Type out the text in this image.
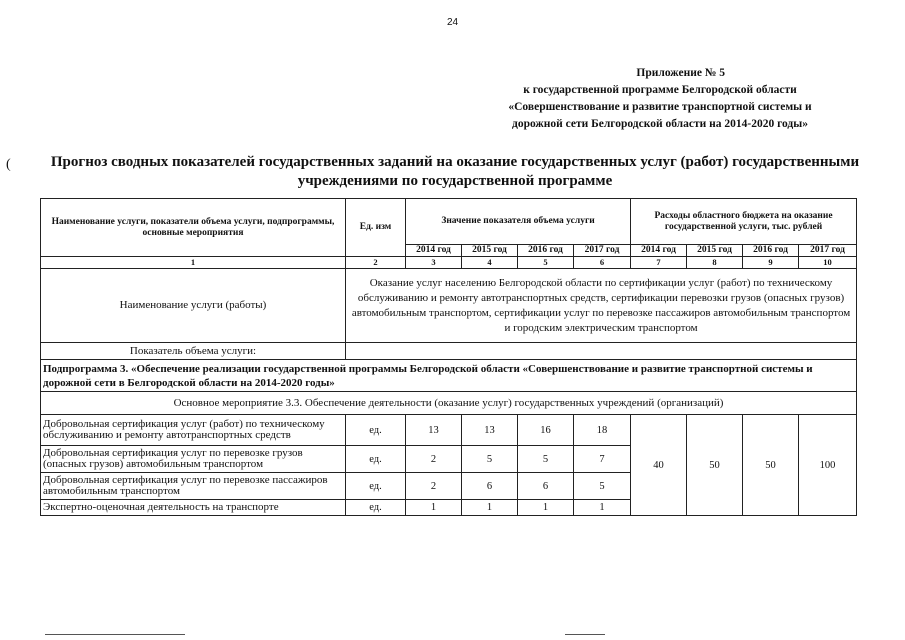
24
Приложение № 5
к государственной программе Белгородской области
«Совершенствование и развитие транспортной системы и
дорожной сети Белгородской области на 2014-2020 годы»
(	Прогноз сводных показателей государственных заданий на оказание государственных услуг (работ) государственными
учреждениями по государственной программе
Наименование услуги, показатели объема услуги, подпрограммы, основные мероприятия	Ед. изм	Значение показателя объема услуги				Расходы областного бюджета на оказание государственной услуги, тыс. рублей			
		2014 год	2015 год	2016 год	2017 год	2014 год	2015 год	2016 год	2017 год
1	2	3	4	5	6	7	8	9	10
Наименование услуги (работы)	Оказание услуг населению Белгородской области по сертификации услуг (работ) по техническому обслуживанию и ремонту автотранспортных средств, сертификации перевозки грузов (опасных грузов) автомобильным транспортом, сертификации услуг по перевозке пассажиров автомобильным транспортом и городским электрическим транспортом								
Показатель объема услуги:									
Подпрограмма 3. «Обеспечение реализации государственной программы Белгородской области «Совершенствование и развитие транспортной системы и дорожной сети в Белгородской области на 2014-2020 годы»									
Основное мероприятие 3.3. Обеспечение деятельности (оказание услуг) государственных учреждений (организаций)									
Добровольная сертификация услуг (работ) по техническому обслуживанию и ремонту автотранспортных средств	ед.	13	13	16	18	40	50	50	100
Добровольная сертификация услуг по перевозке грузов (опасных грузов) автомобильным транспортом	ед.	2	5	5	7				
Добровольная сертификация услуг по перевозке пассажиров автомобильным транспортом	ед.	2	6	6	5				
Экспертно-оценочная деятельность на транспорте	ед.	1	1	1	1				
